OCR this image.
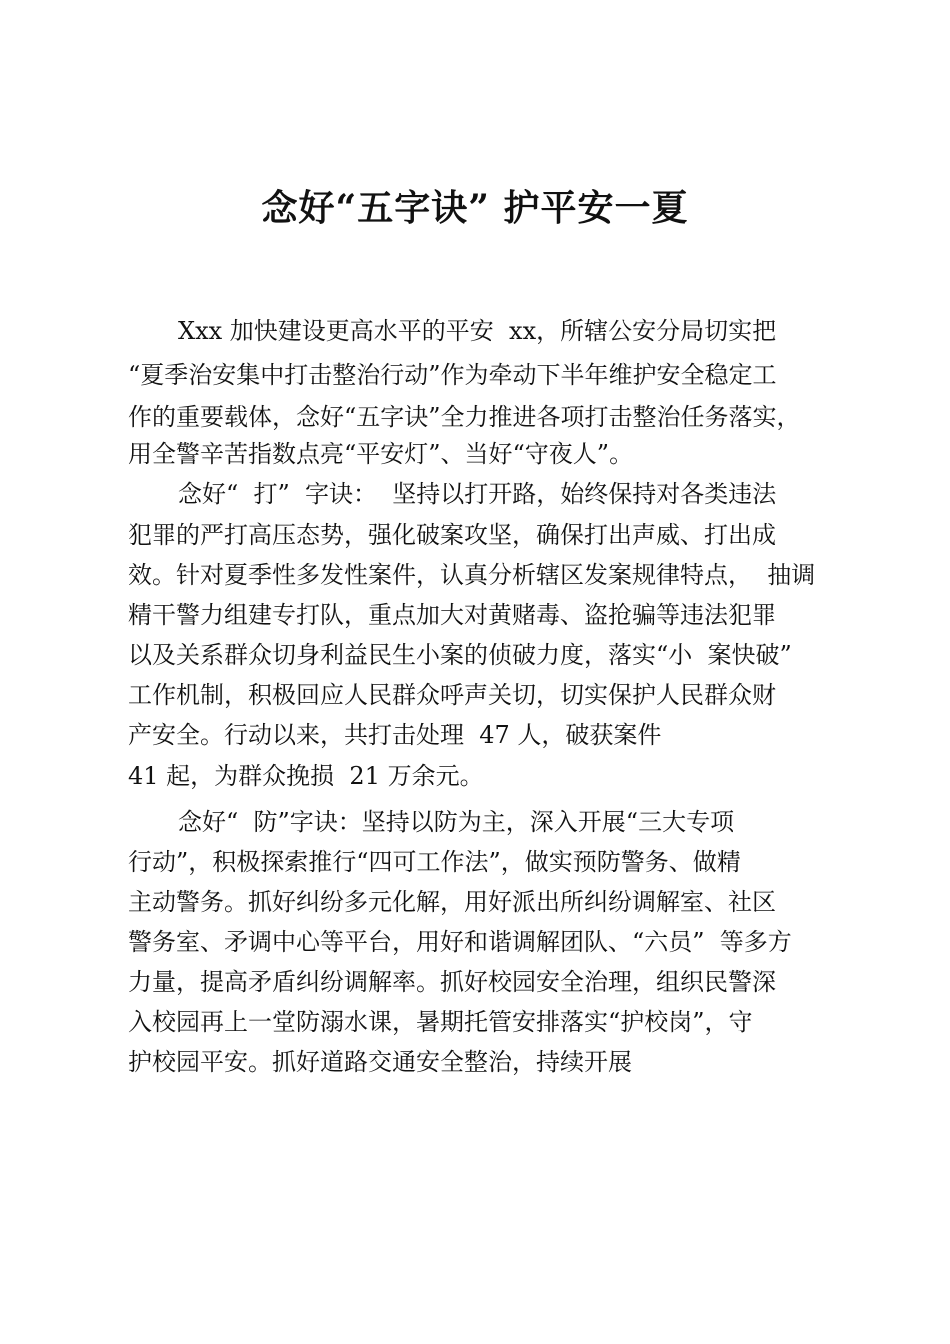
念好“五字诀” 护平安一夏
Xxx 加快建设更高水平的平安  xx，所辖公安分局切实把
“夏季治安集中打击整治行动”作为牵动下半年维护安全稳定工
作的重要载体，念好“五字诀”全力推进各项打击整治任务落实，
用全警辛苦指数点亮“平安灯”、当好“守夜人”。
念好“  打”  字诀：  坚持以打开路，始终保持对各类违法
犯罪的严打高压态势，强化破案攻坚，确保打出声威、打出成
效。针对夏季性多发性案件，认真分析辖区发案规律特点，  抽调
精干警力组建专打队，重点加大对黄赌毒、盗抢骗等违法犯罪
以及关系群众切身利益民生小案的侦破力度，落实“小  案快破”
工作机制，积极回应人民群众呼声关切，切实保护人民群众财
产安全。行动以来，共打击处理  47 人，破获案件
41 起，为群众挽损  21 万余元。
念好“  防”字诀：坚持以防为主，深入开展“三大专项
行动”，积极探索推行“四可工作法”，做实预防警务、做精
主动警务。抓好纠纷多元化解，用好派出所纠纷调解室、社区
警务室、矛调中心等平台，用好和谐调解团队、“六员”  等多方
力量，提高矛盾纠纷调解率。抓好校园安全治理，组织民警深
入校园再上一堂防溺水课，暑期托管安排落实“护校岗”，守
护校园平安。抓好道路交通安全整治，持续开展
